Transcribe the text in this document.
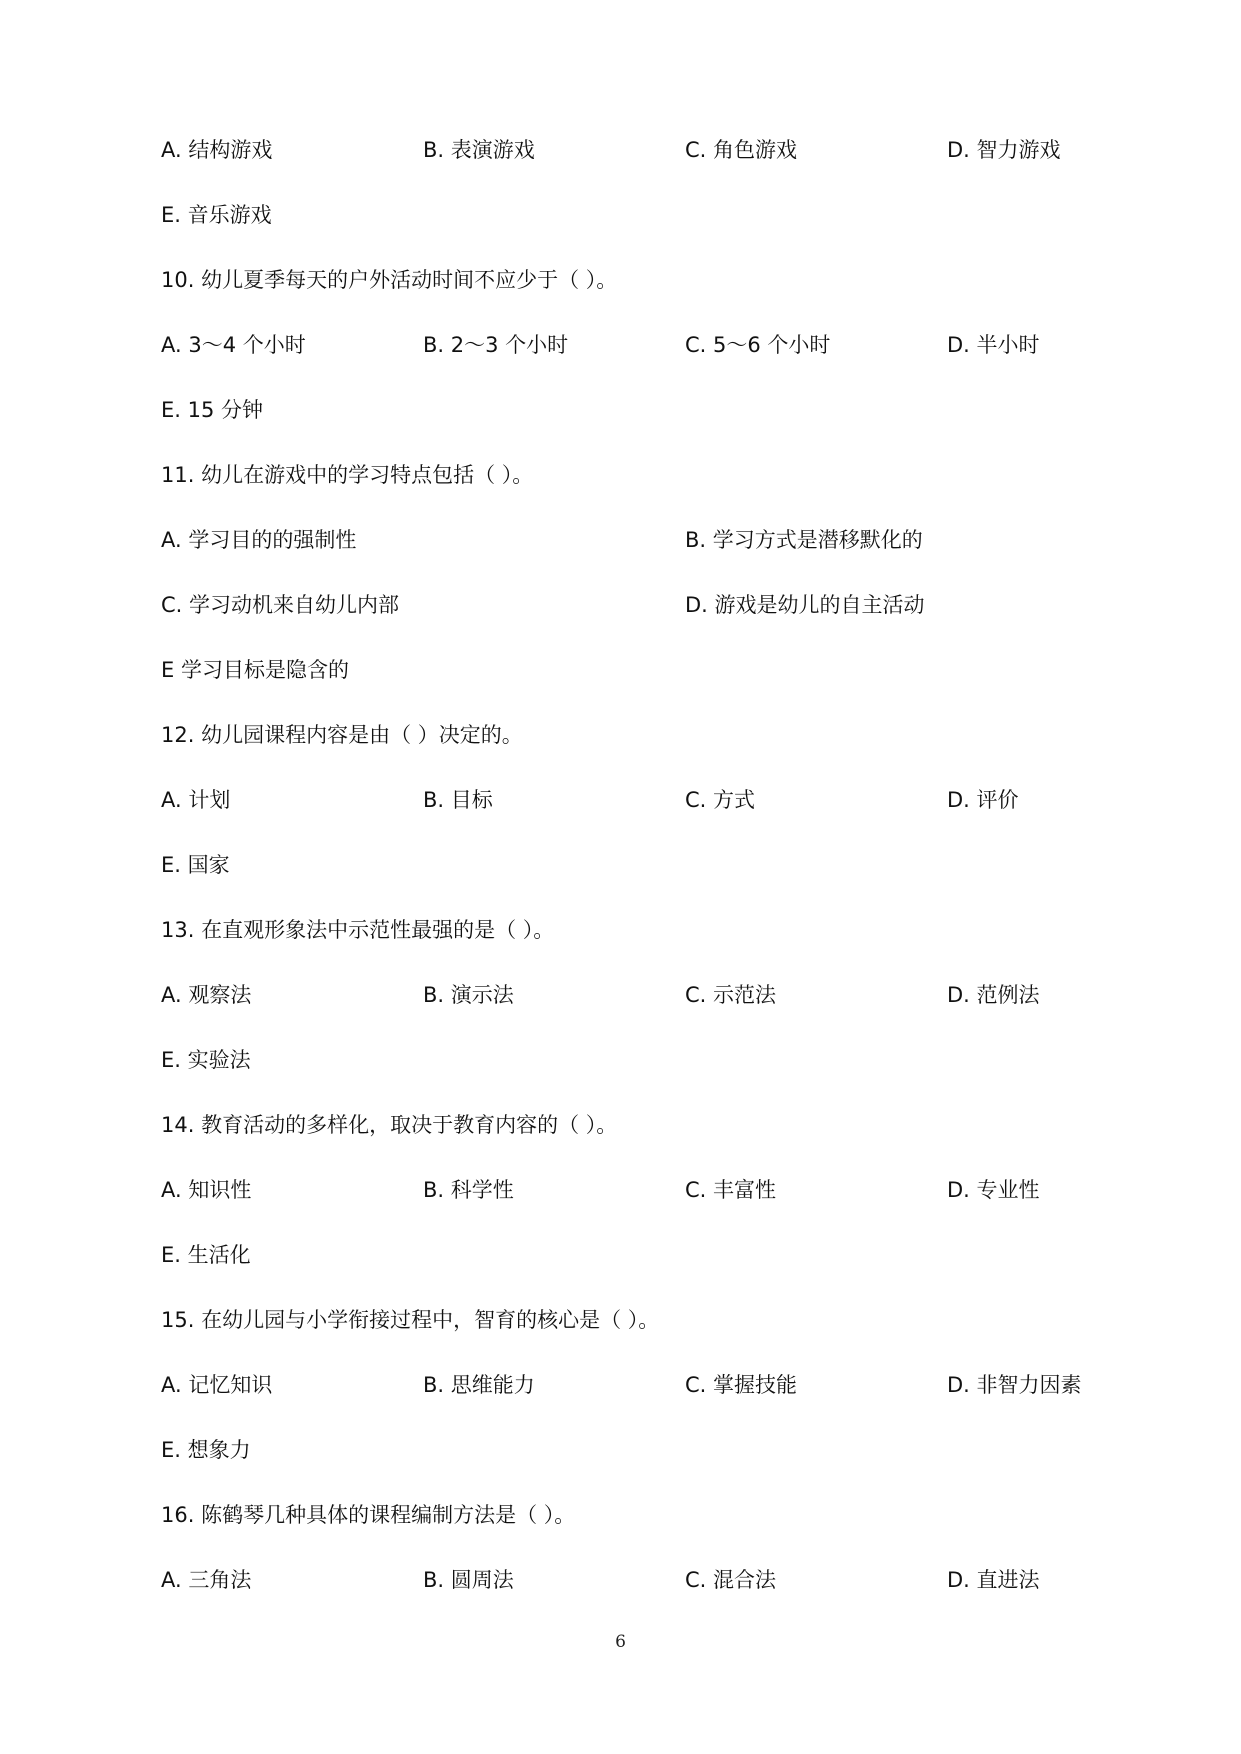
A. 结构游戏	B. 表演游戏	C. 角色游戏	D. 智力游戏
E. 音乐游戏
10. 幼儿夏季每天的户外活动时间不应少于（ ）。
A. 3～4 个小时	B. 2～3 个小时	C. 5～6 个小时	D. 半小时
E. 15 分钟
11. 幼儿在游戏中的学习特点包括（ ）。
A. 学习目的的强制性	B. 学习方式是潜移默化的
C. 学习动机来自幼儿内部	D. 游戏是幼儿的自主活动
E 学习目标是隐含的
12. 幼儿园课程内容是由（ ）决定的。
A. 计划	B. 目标	C. 方式	D. 评价
E. 国家
13. 在直观形象法中示范性最强的是（ ）。
A. 观察法	B. 演示法	C. 示范法	D. 范例法
E. 实验法
14. 教育活动的多样化，取决于教育内容的（ ）。
A. 知识性	B. 科学性	C. 丰富性	D. 专业性
E. 生活化
15. 在幼儿园与小学衔接过程中，智育的核心是（ ）。
A. 记忆知识	B. 思维能力	C. 掌握技能	D. 非智力因素
E. 想象力
16. 陈鹤琴几种具体的课程编制方法是（ ）。
A. 三角法	B. 圆周法	C. 混合法	D. 直进法
6
